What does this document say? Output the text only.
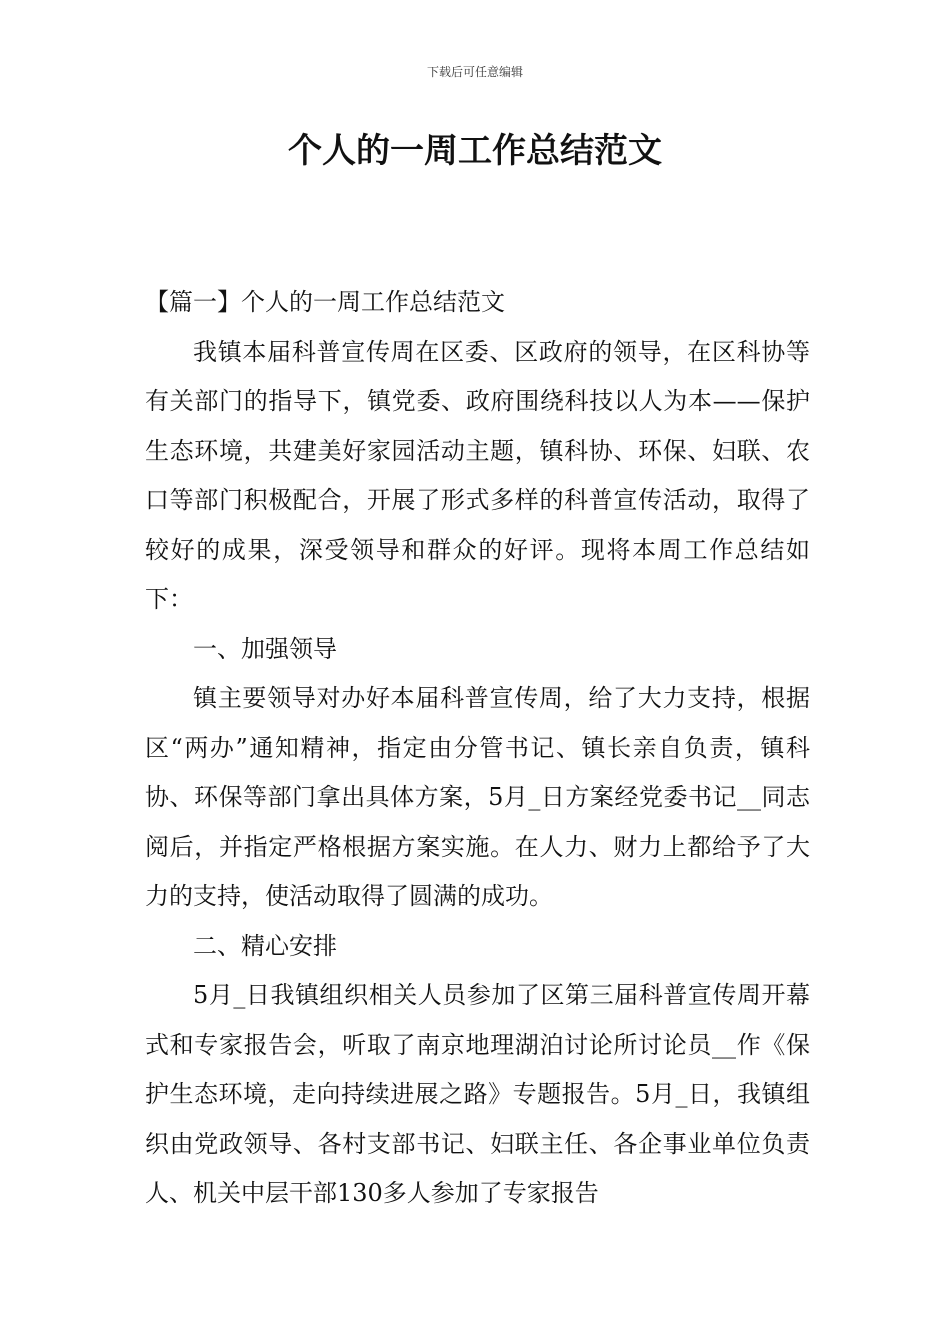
下载后可任意编辑
个人的一周工作总结范文

【篇一】个人的一周工作总结范文

我镇本届科普宣传周在区委、区政府的领导，在区科协等有关部门的指导下，镇党委、政府围绕科技以人为本——保护生态环境，共建美好家园活动主题，镇科协、环保、妇联、农口等部门积极配合，开展了形式多样的科普宣传活动，取得了较好的成果，深受领导和群众的好评。现将本周工作总结如下：

一、加强领导

镇主要领导对办好本届科普宣传周，给了大力支持，根据区“两办”通知精神，指定由分管书记、镇长亲自负责，镇科协、环保等部门拿出具体方案，5月_日方案经党委书记__同志阅后，并指定严格根据方案实施。在人力、财力上都给予了大力的支持，使活动取得了圆满的成功。

二、精心安排

5月_日我镇组织相关人员参加了区第三届科普宣传周开幕式和专家报告会，听取了南京地理湖泊讨论所讨论员__作《保护生态环境，走向持续进展之路》专题报告。5月_日，我镇组织由党政领导、各村支部书记、妇联主任、各企事业单位负责人、机关中层干部130多人参加了专家报告
